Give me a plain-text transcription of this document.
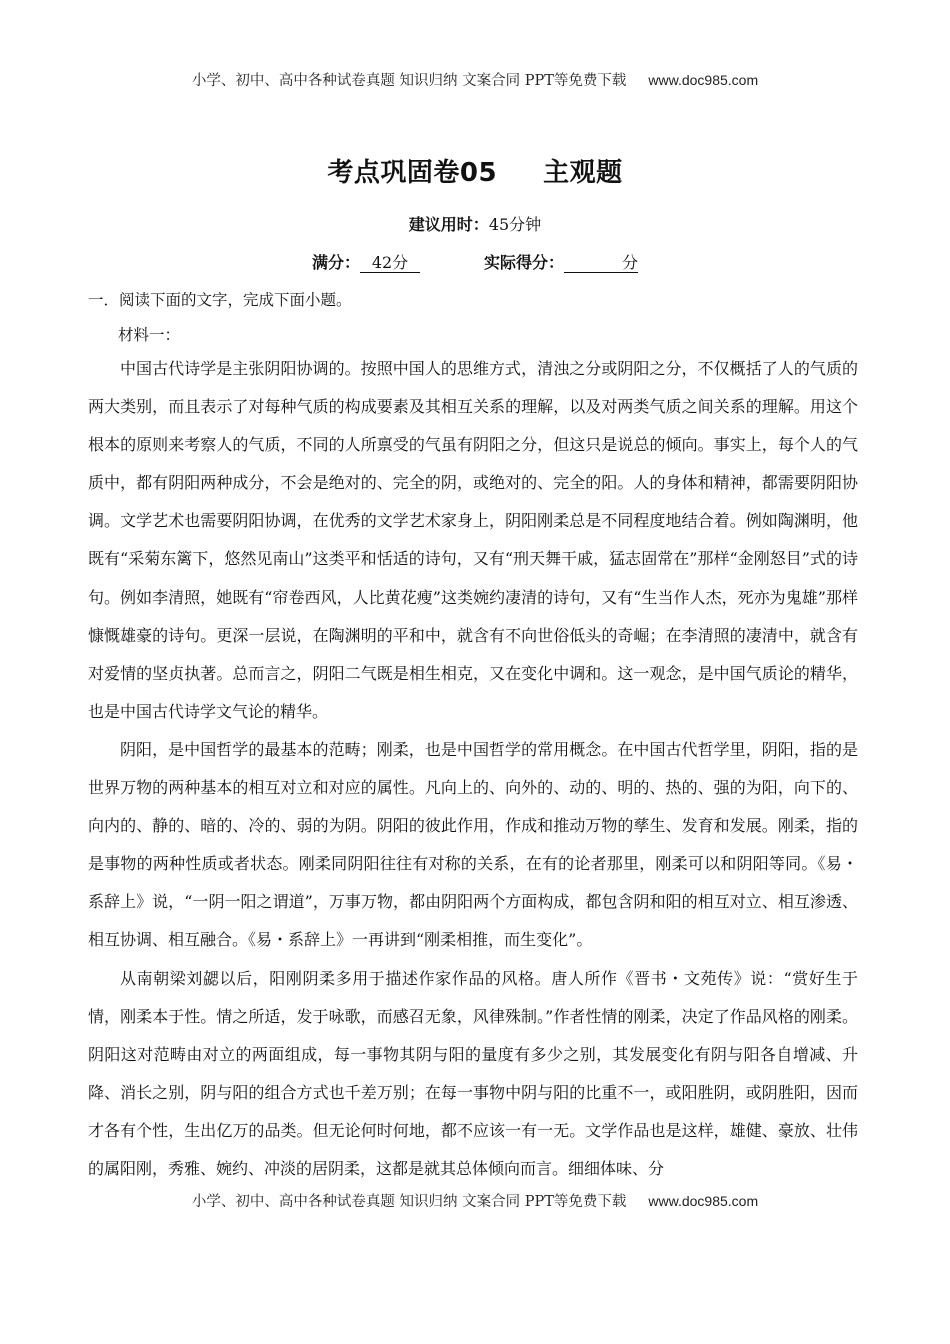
小学、初中、高中各种试卷真题 知识归纳 文案合同 PPT等免费下载 www.doc985.com
考点巩固卷05 主观题
建议用时：45分钟
满分： 42分	实际得分：	分
一．阅读下面的文字，完成下面小题。
材料一：

中国古代诗学是主张阴阳协调的。按照中国人的思维方式，清浊之分或阴阳之分，不仅概括了人的气质的两大类别，而且表示了对每种气质的构成要素及其相互关系的理解，以及对两类气质之间关系的理解。用这个根本的原则来考察人的气质，不同的人所禀受的气虽有阴阳之分，但这只是说总的倾向。事实上，每个人的气质中，都有阴阳两种成分，不会是绝对的、完全的阴，或绝对的、完全的阳。人的身体和精神，都需要阴阳协调。文学艺术也需要阴阳协调，在优秀的文学艺术家身上，阴阳刚柔总是不同程度地结合着。例如陶渊明，他既有“采菊东篱下，悠然见南山”这类平和恬适的诗句，又有“刑天舞干戚，猛志固常在”那样“金刚怒目”式的诗句。例如李清照，她既有“帘卷西风，人比黄花瘦”这类婉约凄清的诗句，又有“生当作人杰，死亦为鬼雄”那样慷慨雄豪的诗句。更深一层说，在陶渊明的平和中，就含有不向世俗低头的奇崛；在李清照的凄清中，就含有对爱情的坚贞执著。总而言之，阴阳二气既是相生相克，又在变化中调和。这一观念，是中国气质论的精华，也是中国古代诗学文气论的精华。

阴阳，是中国哲学的最基本的范畴；刚柔，也是中国哲学的常用概念。在中国古代哲学里，阴阳，指的是世界万物的两种基本的相互对立和对应的属性。凡向上的、向外的、动的、明的、热的、强的为阳，向下的、向内的、静的、暗的、冷的、弱的为阴。阴阳的彼此作用，作成和推动万物的孳生、发育和发展。刚柔，指的是事物的两种性质或者状态。刚柔同阴阳往往有对称的关系，在有的论者那里，刚柔可以和阴阳等同。《易・系辞上》说，“一阴一阳之谓道”，万事万物，都由阴阳两个方面构成，都包含阴和阳的相互对立、相互渗透、相互协调、相互融合。《易・系辞上》一再讲到“刚柔相推，而生变化”。

从南朝梁刘勰以后，阳刚阴柔多用于描述作家作品的风格。唐人所作《晋书・文苑传》说：“赏好生于情，刚柔本于性。情之所适，发于咏歌，而感召无象，风律殊制。”作者性情的刚柔，决定了作品风格的刚柔。阴阳这对范畴由对立的两面组成，每一事物其阴与阳的量度有多少之别，其发展变化有阴与阳各自增减、升降、消长之别，阴与阳的组合方式也千差万别；在每一事物中阴与阳的比重不一，或阳胜阴，或阴胜阳，因而才各有个性，生出亿万的品类。但无论何时何地，都不应该一有一无。文学作品也是这样，雄健、豪放、壮伟的属阳刚，秀雅、婉约、冲淡的居阴柔，这都是就其总体倾向而言。细细体味、分

小学、初中、高中各种试卷真题 知识归纳 文案合同 PPT等免费下载 www.doc985.com
